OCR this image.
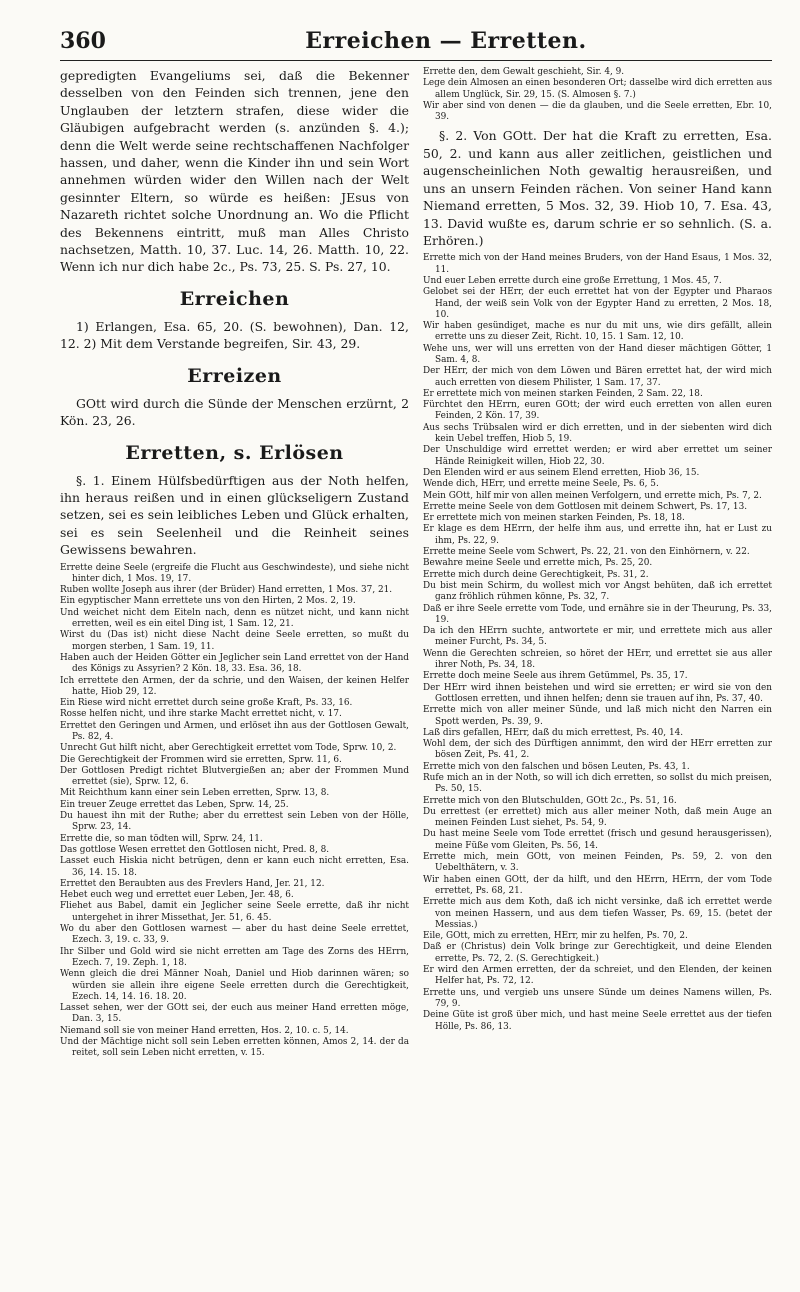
360	Erreichen — Erretten.

gepredigten Evangeliums sei, daß die Bekenner desselben von den Feinden sich trennen, jene den Unglauben der letztern strafen, diese wider die Gläubigen aufgebracht werden (s. anzünden §. 4.); denn die Welt werde seine rechtschaffenen Nachfolger hassen, und daher, wenn die Kinder ihn und sein Wort annehmen würden wider den Willen nach der Welt gesinnter Eltern, so würde es heißen: JEsus von Nazareth richtet solche Unordnung an. Wo die Pflicht des Bekennens eintritt, muß man Alles Christo nachsetzen, Matth. 10, 37. Luc. 14, 26. Matth. 10, 22. Wenn ich nur dich habe 2c., Ps. 73, 25. S. Ps. 27, 10.

Erreichen

1) Erlangen, Esa. 65, 20. (S. bewohnen), Dan. 12, 12. 2) Mit dem Verstande begreifen, Sir. 43, 29.

Erreizen

GOtt wird durch die Sünde der Menschen erzürnt, 2 Kön. 23, 26.

Erretten, s. Erlösen

§. 1. Einem Hülfsbedürftigen aus der Noth helfen, ihn heraus reißen und in einen glückseligern Zustand setzen, sei es sein leibliches Leben und Glück erhalten, sei es sein Seelenheil und die Reinheit seines Gewissens bewahren.

Errette deine Seele (ergreife die Flucht aus Geschwindeste), und siehe nicht hinter dich, 1 Mos. 19, 17.

Ruben wollte Joseph aus ihrer (der Brüder) Hand erretten, 1 Mos. 37, 21.

Ein egyptischer Mann errettete uns von den Hirten, 2 Mos. 2, 19.

Und weichet nicht dem Eiteln nach, denn es nützet nicht, und kann nicht erretten, weil es ein eitel Ding ist, 1 Sam. 12, 21.

Wirst du (Das ist) nicht diese Nacht deine Seele erretten, so mußt du morgen sterben, 1 Sam. 19, 11.

Haben auch der Heiden Götter ein Jeglicher sein Land errettet von der Hand des Königs zu Assyrien? 2 Kön. 18, 33. Esa. 36, 18.

Ich errettete den Armen, der da schrie, und den Waisen, der keinen Helfer hatte, Hiob 29, 12.

Ein Riese wird nicht errettet durch seine große Kraft, Ps. 33, 16.

Rosse helfen nicht, und ihre starke Macht errettet nicht, v. 17.

Errettet den Geringen und Armen, und erlöset ihn aus der Gottlosen Gewalt, Ps. 82, 4.

Unrecht Gut hilft nicht, aber Gerechtigkeit errettet vom Tode, Sprw. 10, 2.

Die Gerechtigkeit der Frommen wird sie erretten, Sprw. 11, 6.

Der Gottlosen Predigt richtet Blutvergießen an; aber der Frommen Mund errettet (sie), Sprw. 12, 6.

Mit Reichthum kann einer sein Leben erretten, Sprw. 13, 8.

Ein treuer Zeuge errettet das Leben, Sprw. 14, 25.

Du hauest ihn mit der Ruthe; aber du errettest sein Leben von der Hölle, Sprw. 23, 14.

Errette die, so man tödten will, Sprw. 24, 11.

Das gottlose Wesen errettet den Gottlosen nicht, Pred. 8, 8.

Lasset euch Hiskia nicht betrügen, denn er kann euch nicht erretten, Esa. 36, 14. 15. 18.

Errettet den Beraubten aus des Frevlers Hand, Jer. 21, 12.

Hebet euch weg und errettet euer Leben, Jer. 48, 6.

Fliehet aus Babel, damit ein Jeglicher seine Seele errette, daß ihr nicht untergehet in ihrer Missethat, Jer. 51, 6. 45.

Wo du aber den Gottlosen warnest — aber du hast deine Seele errettet, Ezech. 3, 19. c. 33, 9.

Ihr Silber und Gold wird sie nicht erretten am Tage des Zorns des HErrn, Ezech. 7, 19. Zeph. 1, 18.

Wenn gleich die drei Männer Noah, Daniel und Hiob darinnen wären; so würden sie allein ihre eigene Seele erretten durch die Gerechtigkeit, Ezech. 14, 14. 16. 18. 20.

Lasset sehen, wer der GOtt sei, der euch aus meiner Hand erretten möge, Dan. 3, 15.

Niemand soll sie von meiner Hand erretten, Hos. 2, 10. c. 5, 14.

Und der Mächtige nicht soll sein Leben erretten können, Amos 2, 14. der da reitet, soll sein Leben nicht erretten, v. 15.

Errette den, dem Gewalt geschieht, Sir. 4, 9.

Lege dein Almosen an einen besonderen Ort; dasselbe wird dich erretten aus allem Unglück, Sir. 29, 15. (S. Almosen §. 7.)

Wir aber sind von denen — die da glauben, und die Seele erretten, Ebr. 10, 39.

§. 2. Von GOtt. Der hat die Kraft zu erretten, Esa. 50, 2. und kann aus aller zeitlichen, geistlichen und augenscheinlichen Noth gewaltig herausreißen, und uns an unsern Feinden rächen. Von seiner Hand kann Niemand erretten, 5 Mos. 32, 39. Hiob 10, 7. Esa. 43, 13. David wußte es, darum schrie er so sehnlich. (S. a. Erhören.)

Errette mich von der Hand meines Bruders, von der Hand Esaus, 1 Mos. 32, 11.

Und euer Leben errette durch eine große Errettung, 1 Mos. 45, 7.

Gelobet sei der HErr, der euch errettet hat von der Egypter und Pharaos Hand, der weiß sein Volk von der Egypter Hand zu erretten, 2 Mos. 18, 10.

Wir haben gesündiget, mache es nur du mit uns, wie dirs gefällt, allein errette uns zu dieser Zeit, Richt. 10, 15. 1 Sam. 12, 10.

Wehe uns, wer will uns erretten von der Hand dieser mächtigen Götter, 1 Sam. 4, 8.

Der HErr, der mich von dem Löwen und Bären errettet hat, der wird mich auch erretten von diesem Philister, 1 Sam. 17, 37.

Er errettete mich von meinen starken Feinden, 2 Sam. 22, 18.

Fürchtet den HErrn, euren GOtt; der wird euch erretten von allen euren Feinden, 2 Kön. 17, 39.

Aus sechs Trübsalen wird er dich erretten, und in der siebenten wird dich kein Uebel treffen, Hiob 5, 19.

Der Unschuldige wird errettet werden; er wird aber errettet um seiner Hände Reinigkeit willen, Hiob 22, 30.

Den Elenden wird er aus seinem Elend erretten, Hiob 36, 15.

Wende dich, HErr, und errette meine Seele, Ps. 6, 5.

Mein GOtt, hilf mir von allen meinen Verfolgern, und errette mich, Ps. 7, 2.

Errette meine Seele von dem Gottlosen mit deinem Schwert, Ps. 17, 13.

Er errettete mich von meinen starken Feinden, Ps. 18, 18.

Er klage es dem HErrn, der helfe ihm aus, und errette ihn, hat er Lust zu ihm, Ps. 22, 9.

Errette meine Seele vom Schwert, Ps. 22, 21. von den Einhörnern, v. 22.

Bewahre meine Seele und errette mich, Ps. 25, 20.

Errette mich durch deine Gerechtigkeit, Ps. 31, 2.

Du bist mein Schirm, du wollest mich vor Angst behüten, daß ich errettet ganz fröhlich rühmen könne, Ps. 32, 7.

Daß er ihre Seele errette vom Tode, und ernähre sie in der Theurung, Ps. 33, 19.

Da ich den HErrn suchte, antwortete er mir, und errettete mich aus aller meiner Furcht, Ps. 34, 5.

Wenn die Gerechten schreien, so höret der HErr, und errettet sie aus aller ihrer Noth, Ps. 34, 18.

Errette doch meine Seele aus ihrem Getümmel, Ps. 35, 17.

Der HErr wird ihnen beistehen und wird sie erretten; er wird sie von den Gottlosen erretten, und ihnen helfen; denn sie trauen auf ihn, Ps. 37, 40.

Errette mich von aller meiner Sünde, und laß mich nicht den Narren ein Spott werden, Ps. 39, 9.

Laß dirs gefallen, HErr, daß du mich errettest, Ps. 40, 14.

Wohl dem, der sich des Dürftigen annimmt, den wird der HErr erretten zur bösen Zeit, Ps. 41, 2.

Errette mich von den falschen und bösen Leuten, Ps. 43, 1.

Rufe mich an in der Noth, so will ich dich erretten, so sollst du mich preisen, Ps. 50, 15.

Errette mich von den Blutschulden, GOtt 2c., Ps. 51, 16.

Du errettest (er errettet) mich aus aller meiner Noth, daß mein Auge an meinen Feinden Lust siehet, Ps. 54, 9.

Du hast meine Seele vom Tode errettet (frisch und gesund herausgerissen), meine Füße vom Gleiten, Ps. 56, 14.

Errette mich, mein GOtt, von meinen Feinden, Ps. 59, 2. von den Uebelthätern, v. 3.

Wir haben einen GOtt, der da hilft, und den HErrn, HErrn, der vom Tode errettet, Ps. 68, 21.

Errette mich aus dem Koth, daß ich nicht versinke, daß ich errettet werde von meinen Hassern, und aus dem tiefen Wasser, Ps. 69, 15. (betet der Messias.)

Eile, GOtt, mich zu erretten, HErr, mir zu helfen, Ps. 70, 2.

Daß er (Christus) dein Volk bringe zur Gerechtigkeit, und deine Elenden errette, Ps. 72, 2. (S. Gerechtigkeit.)

Er wird den Armen erretten, der da schreiet, und den Elenden, der keinen Helfer hat, Ps. 72, 12.

Errette uns, und vergieb uns unsere Sünde um deines Namens willen, Ps. 79, 9.

Deine Güte ist groß über mich, und hast meine Seele errettet aus der tiefen Hölle, Ps. 86, 13.
